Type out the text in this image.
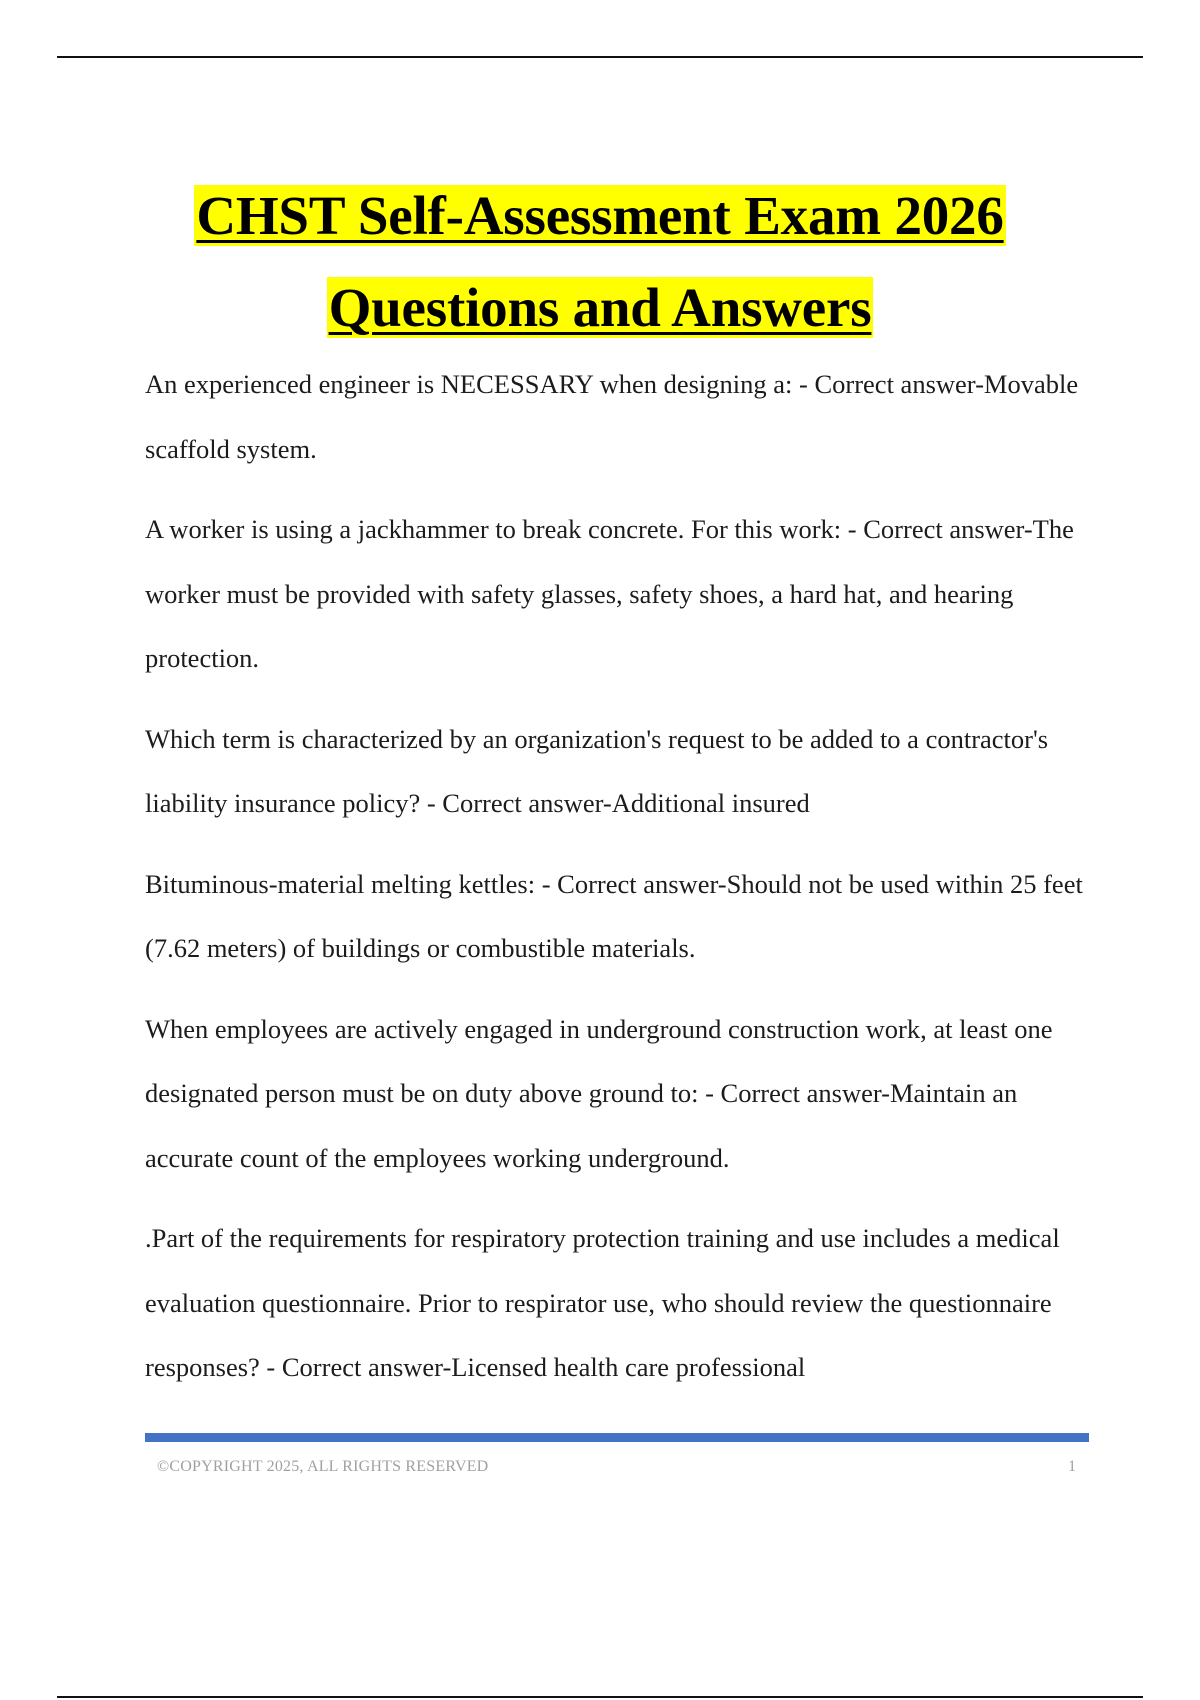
CHST Self-Assessment Exam 2026
Questions and Answers

An experienced engineer is NECESSARY when designing a: - Correct answer-Movable scaffold system.

A worker is using a jackhammer to break concrete. For this work: - Correct answer-The worker must be provided with safety glasses, safety shoes, a hard hat, and hearing protection.

Which term is characterized by an organization's request to be added to a contractor's liability insurance policy? - Correct answer-Additional insured

Bituminous-material melting kettles: - Correct answer-Should not be used within 25 feet (7.62 meters) of buildings or combustible materials.

When employees are actively engaged in underground construction work, at least one designated person must be on duty above ground to: - Correct answer-Maintain an accurate count of the employees working underground.

.Part of the requirements for respiratory protection training and use includes a medical evaluation questionnaire. Prior to respirator use, who should review the questionnaire responses? - Correct answer-Licensed health care professional

©COPYRIGHT 2025, ALL RIGHTS RESERVED	1
